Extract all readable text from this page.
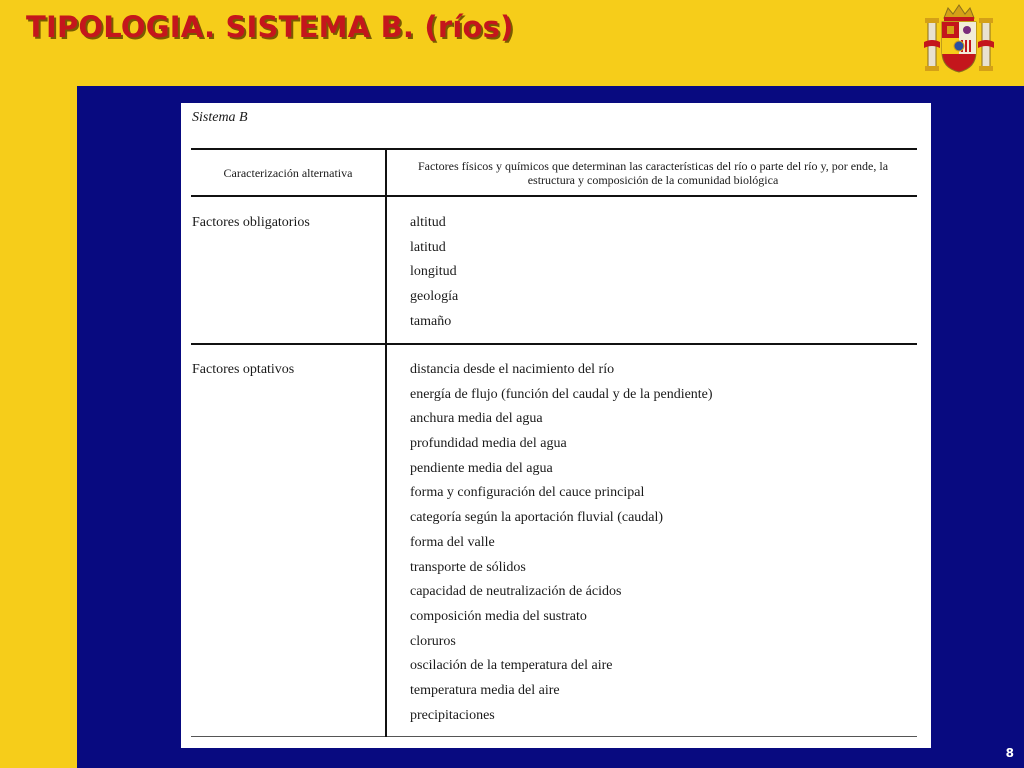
TIPOLOGIA. SISTEMA B. (ríos)
8
Sistema B
Caracterización alternativa	Factores físicos y químicos que determinan las características del río o parte del río y, por ende, la estructura y composición de la comunidad biológica
Factores obligatorios	altitud
latitud
longitud
geología
tamaño
Factores optativos	distancia desde el nacimiento del río
energía de flujo (función del caudal y de la pendiente)
anchura media del agua
profundidad media del agua
pendiente media del agua
forma y configuración del cauce principal
categoría según la aportación fluvial (caudal)
forma del valle
transporte de sólidos
capacidad de neutralización de ácidos
composición media del sustrato
cloruros
oscilación de la temperatura del aire
temperatura media del aire
precipitaciones
